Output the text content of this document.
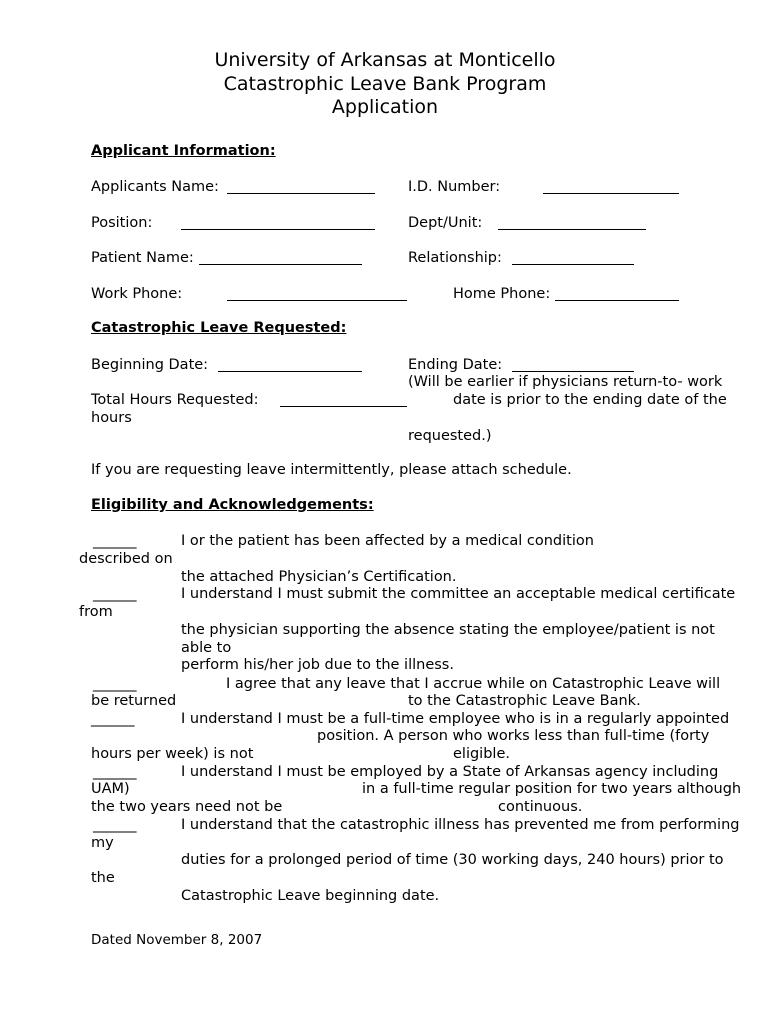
University of Arkansas at Monticello
Catastrophic Leave Bank Program
Application
Applicant Information:
Applicants Name:	I.D. Number:
Position:	Dept/Unit:
Patient Name:	Relationship:
Work Phone:	Home Phone:
Catastrophic Leave Requested:
Beginning Date:	Ending Date:
(Will be earlier if physicians return-to- work
Total Hours Requested:	date is prior to the ending date of the
hours
requested.)
If you are requesting leave intermittently, please attach schedule.
Eligibility and Acknowledgements:
______	I or the patient has been affected by a medical condition
described on
the attached Physician’s Certification.
______	I understand I must submit the committee an acceptable medical certificate
from
the physician supporting the absence stating the employee/patient is not
able to
perform his/her job due to the illness.
______	I agree that any leave that I accrue while on Catastrophic Leave will
be returned	to the Catastrophic Leave Bank.
______	I understand I must be a full-time employee who is in a regularly appointed
position. A person who works less than full-time (forty
hours per week) is not	eligible.
______	I understand I must be employed by a State of Arkansas agency including
UAM)	in a full-time regular position for two years although
the two years need not be	continuous.
______	I understand that the catastrophic illness has prevented me from performing
my
duties for a prolonged period of time (30 working days, 240 hours) prior to
the
Catastrophic Leave beginning date.
Dated November 8, 2007
